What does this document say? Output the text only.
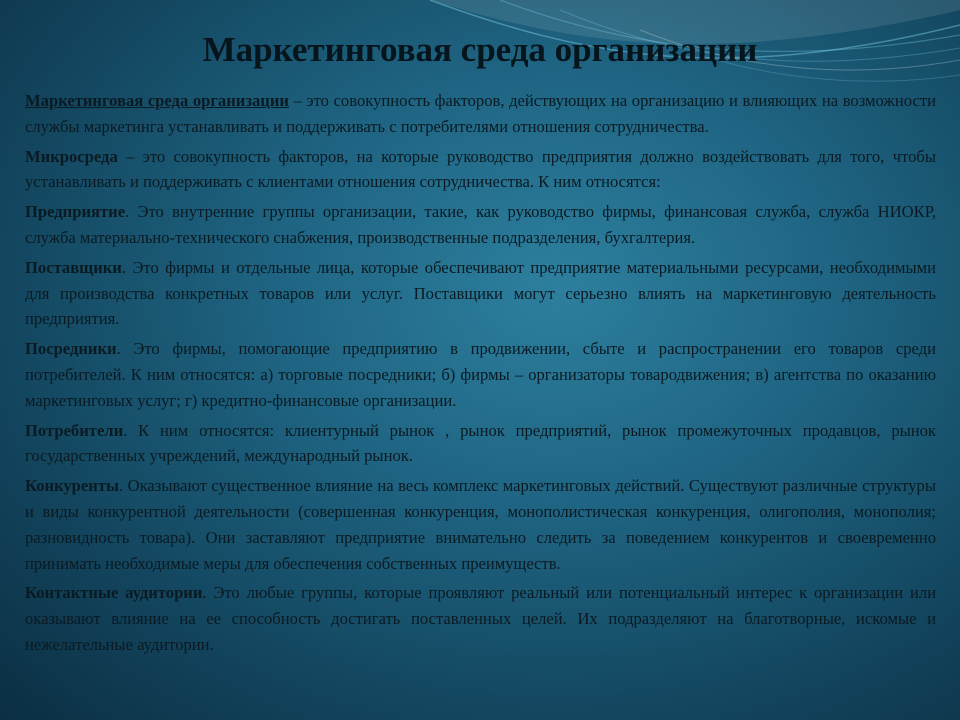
Маркетинговая среда организации

Маркетинговая среда организации – это совокупность факторов, действующих на организацию и влияющих на возможности службы маркетинга устанавливать и поддерживать с потребителями отношения сотрудничества.

Микросреда – это совокупность факторов, на которые руководство предприятия должно воздействовать для того, чтобы устанавливать и поддерживать с клиентами отношения сотрудничества. К ним относятся:

Предприятие. Это внутренние группы организации, такие, как руководство фирмы, финансовая служба, служба НИОКР, служба материально-технического снабжения, производственные подразделения, бухгалтерия.

Поставщики. Это фирмы и отдельные лица, которые обеспечивают предприятие материальными ресурсами, необходимыми для производства конкретных товаров или услуг. Поставщики могут серьезно влиять на маркетинговую деятельность предприятия.

Посредники. Это фирмы, помогающие предприятию в продвижении, сбыте и распространении его товаров среди потребителей. К ним относятся: а) торговые посредники; б) фирмы – организаторы товародвижения; в) агентства по оказанию маркетинговых услуг; г) кредитно-финансовые организации.

Потребители. К ним относятся: клиентурный рынок , рынок предприятий, рынок промежуточных продавцов, рынок государственных учреждений, международный рынок.

Конкуренты. Оказывают существенное влияние на весь комплекс маркетинговых действий. Существуют различные структуры и виды конкурентной деятельности (совершенная конкуренция, монополистическая конкуренция, олигополия, монополия; разновидность товара). Они заставляют предприятие внимательно следить за поведением конкурентов и своевременно принимать необходимые меры для обеспечения собственных преимуществ.

Контактные аудитории. Это любые группы, которые проявляют реальный или потенциальный интерес к организации или оказывают влияние на ее способность достигать поставленных целей. Их подразделяют на благотворные, искомые и нежелательные аудитории.
